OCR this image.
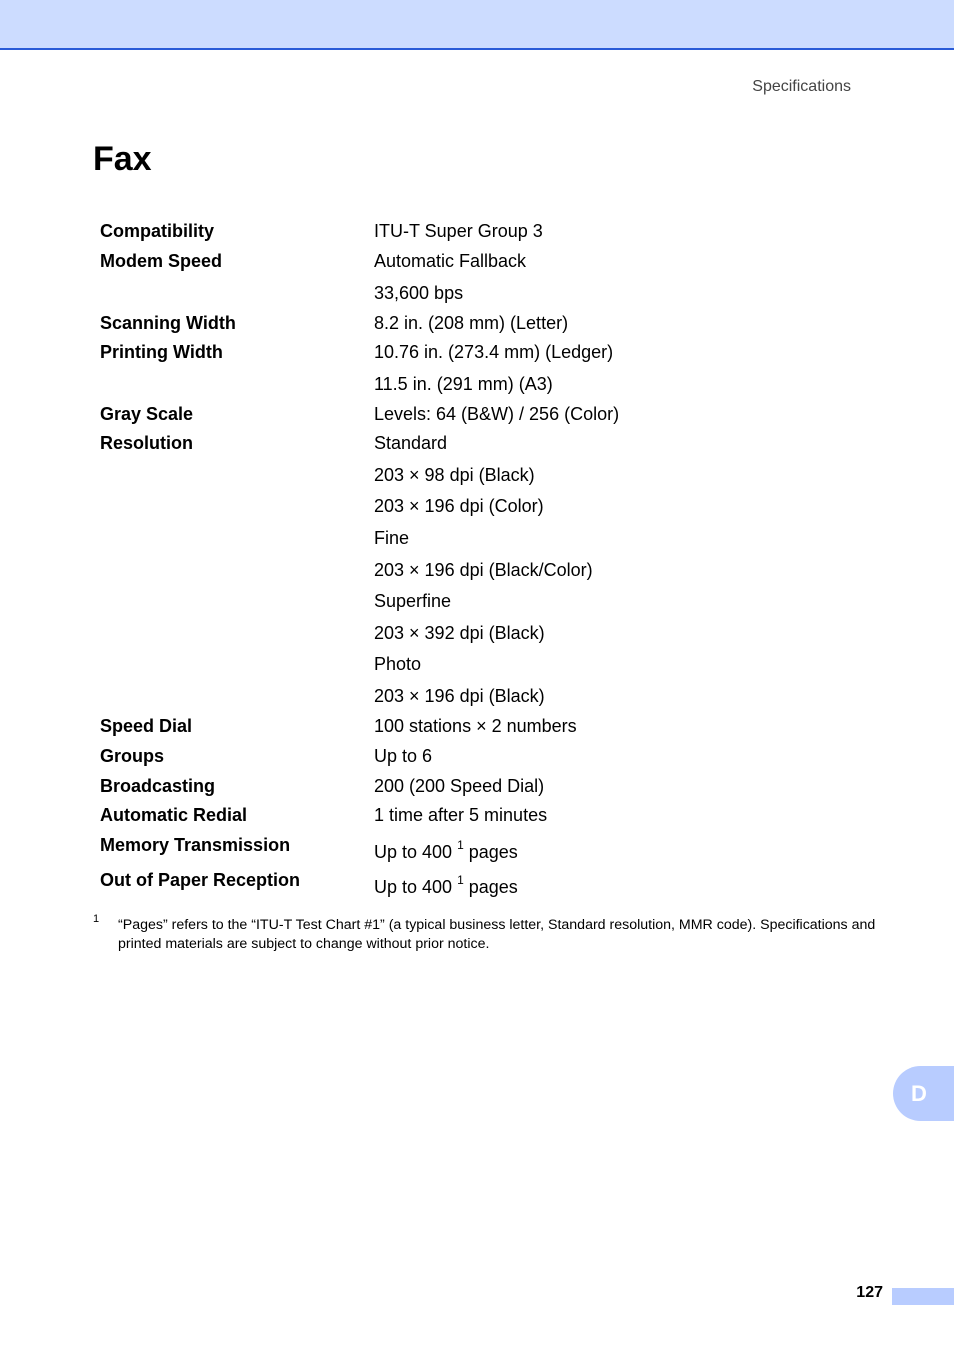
Specifications
Fax
Compatibility	ITU-T Super Group 3
Modem Speed	Automatic Fallback
33,600 bps
Scanning Width	8.2 in. (208 mm) (Letter)
Printing Width	10.76 in. (273.4 mm) (Ledger)
11.5 in. (291 mm) (A3)
Gray Scale	Levels: 64 (B&W) / 256 (Color)
Resolution	Standard
203 × 98 dpi (Black)
203 × 196 dpi (Color)
Fine
203 × 196 dpi (Black/Color)
Superfine
203 × 392 dpi (Black)
Photo
203 × 196 dpi (Black)
Speed Dial	100 stations × 2 numbers
Groups	Up to 6
Broadcasting	200 (200 Speed Dial)
Automatic Redial	1 time after 5 minutes
Memory Transmission	Up to 400 $^1$ pages
Out of Paper Reception	Up to 400 $^1$ pages
1 “Pages” refers to the “ITU-T Test Chart #1” (a typical business letter, Standard resolution, MMR code). Specifications and printed materials are subject to change without prior notice.
D
127
